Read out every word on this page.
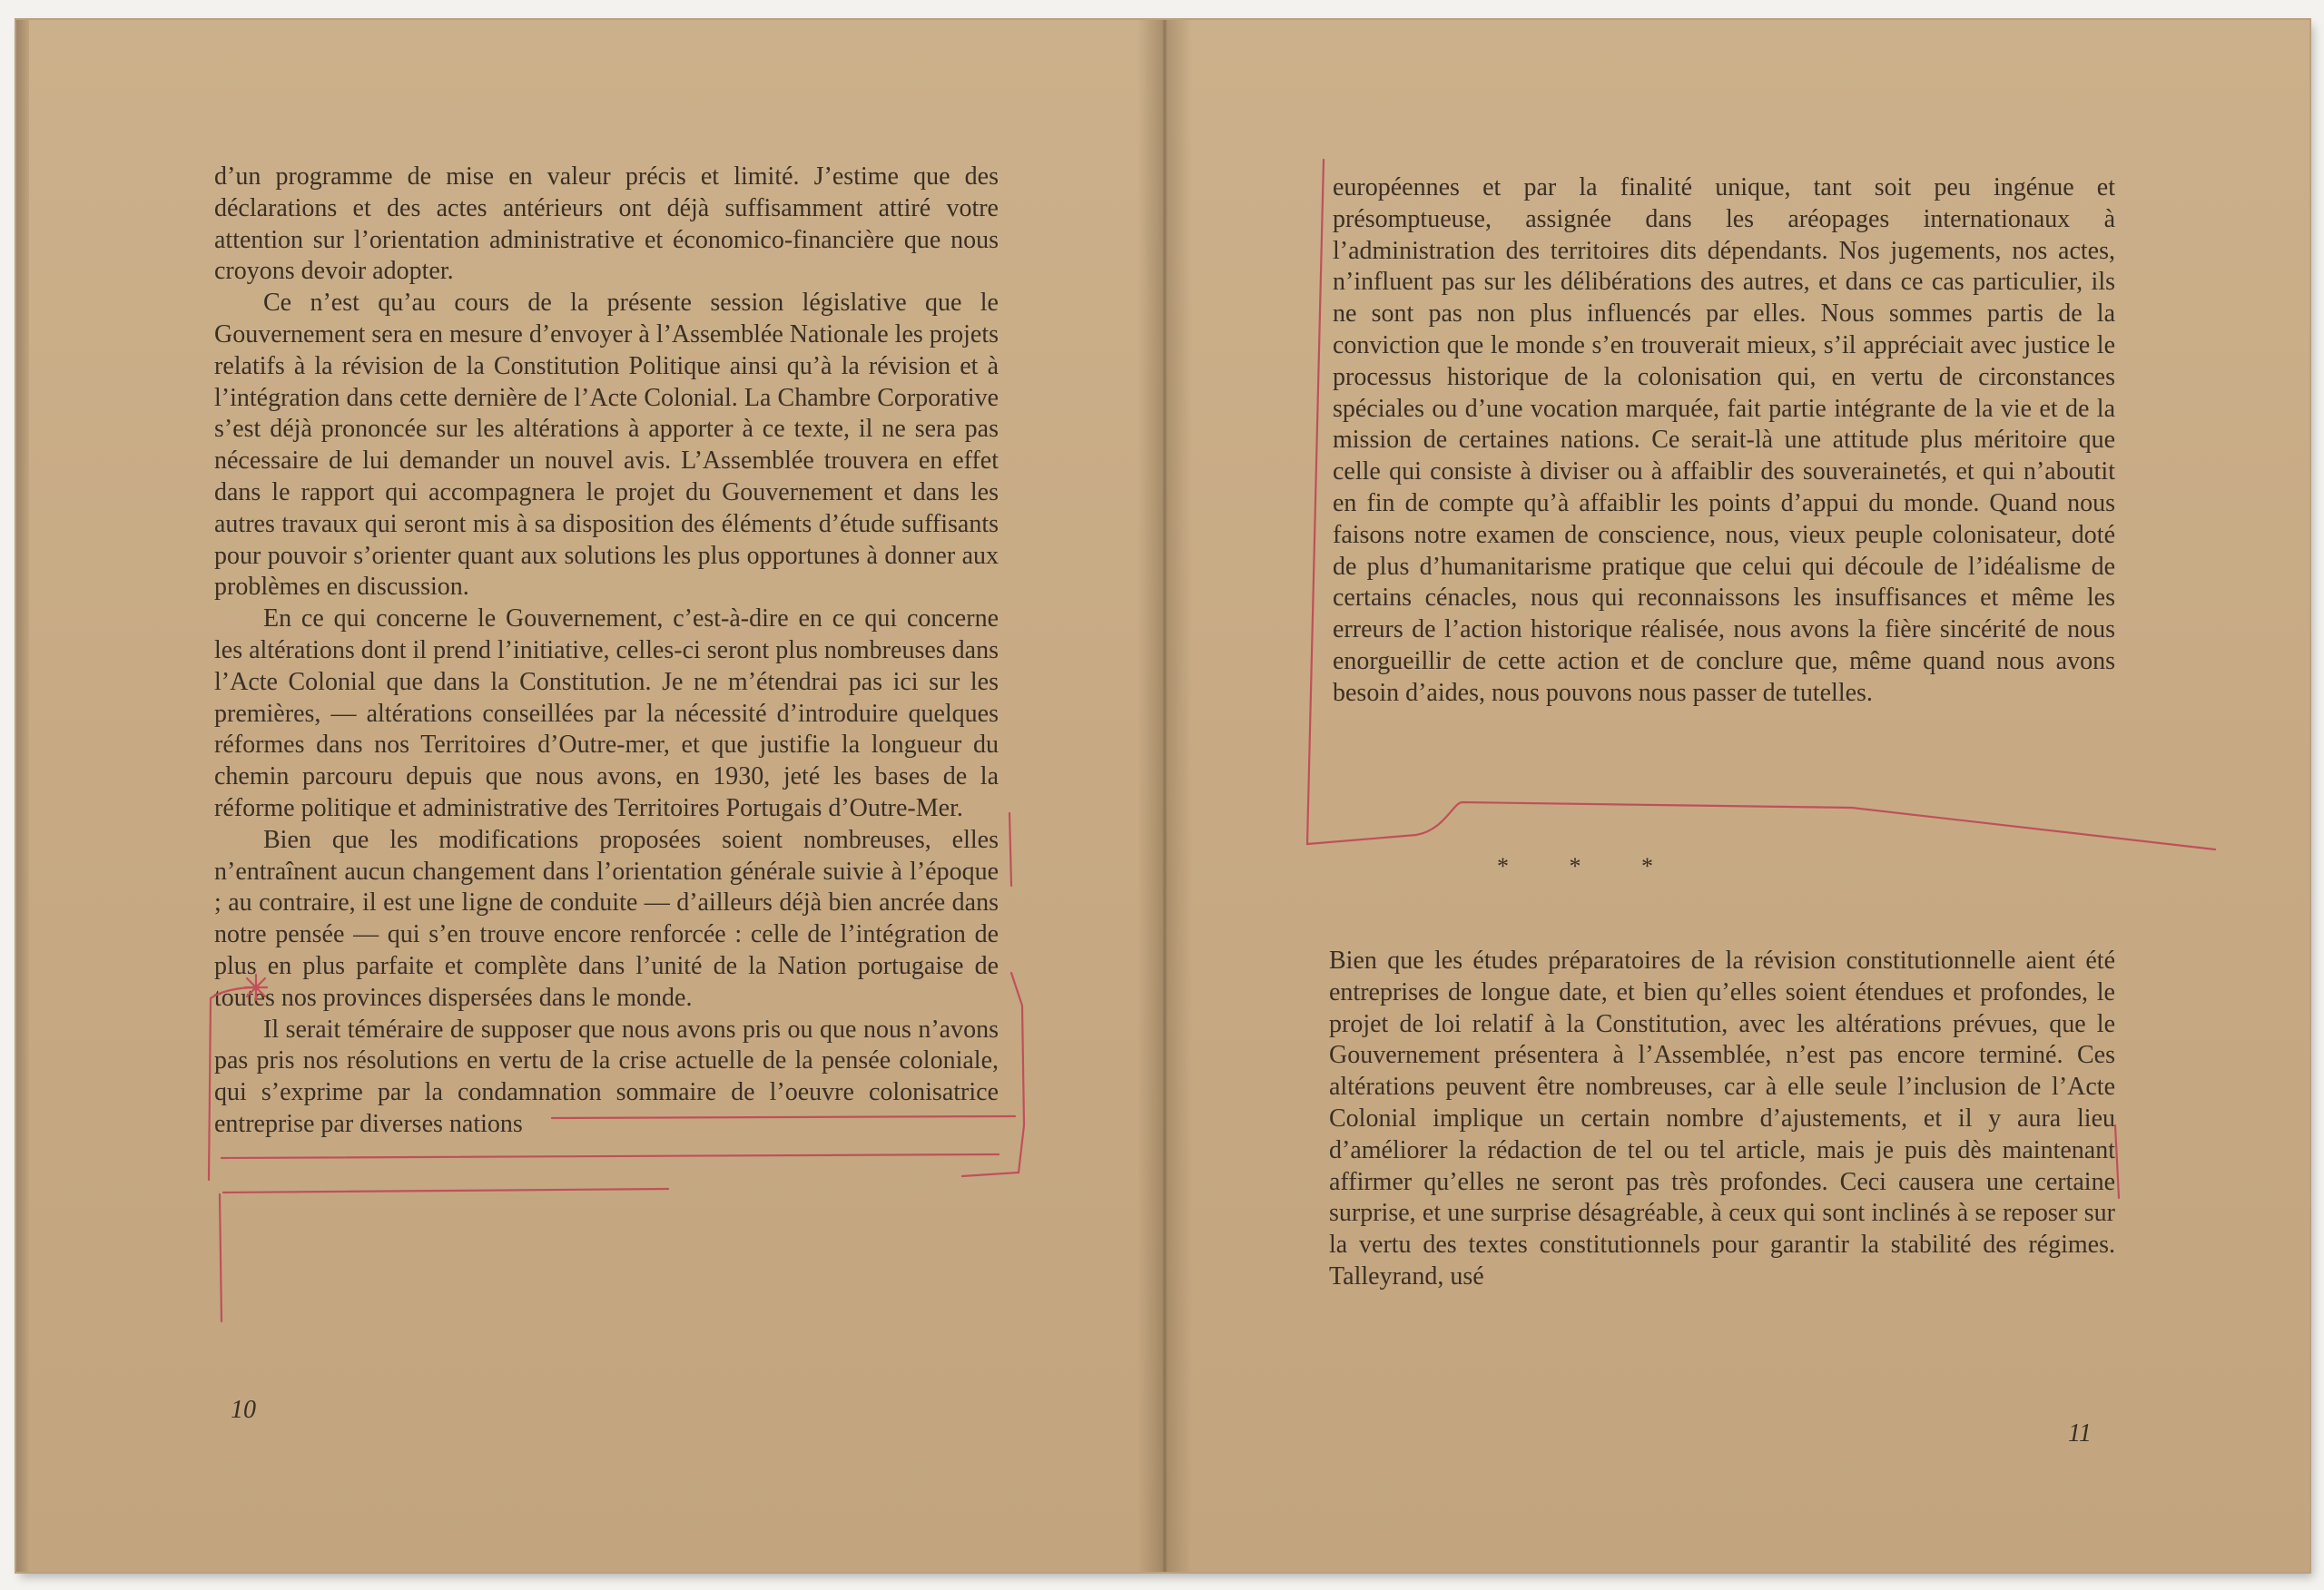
d’un programme de mise en valeur précis et limité. J’estime que des déclarations et des actes antérieurs ont déjà suffisamment attiré votre attention sur l’orientation administrative et économico-financière que nous croyons devoir adopter.

Ce n’est qu’au cours de la présente session législative que le Gouvernement sera en mesure d’envoyer à l’Assemblée Nationale les projets relatifs à la révision de la Constitution Politique ainsi qu’à la révision et à l’intégration dans cette dernière de l’Acte Colonial. La Chambre Corporative s’est déjà prononcée sur les altérations à apporter à ce texte, il ne sera pas nécessaire de lui demander un nouvel avis. L’Assemblée trouvera en effet dans le rapport qui accompagnera le projet du Gouvernement et dans les autres travaux qui seront mis à sa disposition des éléments d’étude suffisants pour pouvoir s’orienter quant aux solutions les plus opportunes à donner aux problèmes en discussion.

En ce qui concerne le Gouvernement, c’est-à-dire en ce qui concerne les altérations dont il prend l’initiative, celles-ci seront plus nombreuses dans l’Acte Colonial que dans la Constitution. Je ne m’étendrai pas ici sur les premières, — altérations conseillées par la nécessité d’introduire quelques réformes dans nos Territoires d’Outre-mer, et que justifie la longueur du chemin parcouru depuis que nous avons, en 1930, jeté les bases de la réforme politique et administrative des Territoires Portugais d’Outre-Mer.

Bien que les modifications proposées soient nombreuses, elles n’entraînent aucun changement dans l’orientation générale suivie à l’époque ; au contraire, il est une ligne de conduite — d’ailleurs déjà bien ancrée dans notre pensée — qui s’en trouve encore renforcée : celle de l’intégration de plus en plus parfaite et complète dans l’unité de la Nation portugaise de toutes nos provinces dispersées dans le monde.

Il serait téméraire de supposer que nous avons pris ou que nous n’avons pas pris nos résolutions en vertu de la crise actuelle de la pensée coloniale, qui s’exprime par la condamnation sommaire de l’oeuvre colonisatrice entreprise par diverses nations

10

européennes et par la finalité unique, tant soit peu ingénue et présomptueuse, assignée dans les aréopages internationaux à l’administration des territoires dits dépendants. Nos jugements, nos actes, n’influent pas sur les délibérations des autres, et dans ce cas particulier, ils ne sont pas non plus influencés par elles. Nous sommes partis de la conviction que le monde s’en trouverait mieux, s’il appréciait avec justice le processus historique de la colonisation qui, en vertu de circonstances spéciales ou d’une vocation marquée, fait partie intégrante de la vie et de la mission de certaines nations. Ce serait-là une attitude plus méritoire que celle qui consiste à diviser ou à affaiblir des souverainetés, et qui n’aboutit en fin de compte qu’à affaiblir les points d’appui du monde. Quand nous faisons notre examen de conscience, nous, vieux peuple colonisateur, doté de plus d’humanitarisme pratique que celui qui découle de l’idéalisme de certains cénacles, nous qui reconnaissons les insuffisances et même les erreurs de l’action historique réalisée, nous avons la fière sincérité de nous enorgueillir de cette action et de conclure que, même quand nous avons besoin d’aides, nous pouvons nous passer de tutelles.

* * *

Bien que les études préparatoires de la révision constitutionnelle aient été entreprises de longue date, et bien qu’elles soient étendues et profondes, le projet de loi relatif à la Constitution, avec les altérations prévues, que le Gouvernement présentera à l’Assemblée, n’est pas encore terminé. Ces altérations peuvent être nombreuses, car à elle seule l’inclusion de l’Acte Colonial implique un certain nombre d’ajustements, et il y aura lieu d’améliorer la rédaction de tel ou tel article, mais je puis dès maintenant affirmer qu’elles ne seront pas très profondes. Ceci causera une certaine surprise, et une surprise désagréable, à ceux qui sont inclinés à se reposer sur la vertu des textes constitutionnels pour garantir la stabilité des régimes. Talleyrand, usé

11
